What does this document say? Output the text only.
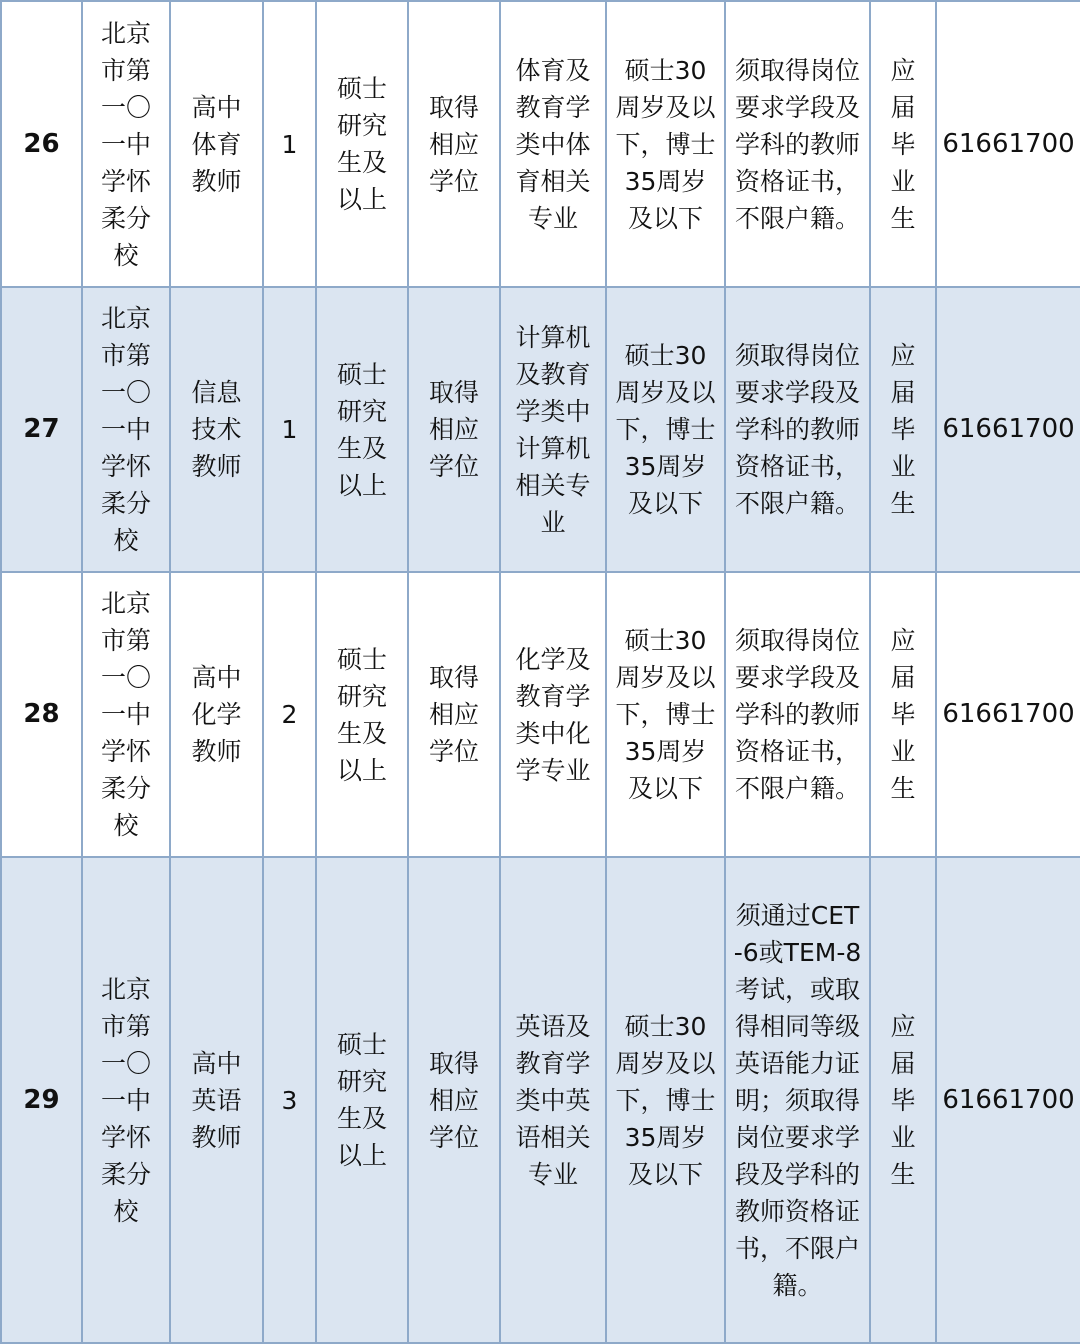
26	北京市第一〇一中学怀柔分校	高中体育教师	1	硕士研究生及以上	取得相应学位	体育及教育学类中体育相关专业	硕士30周岁及以下，博士35周岁及以下	须取得岗位要求学段及学科的教师资格证书，不限户籍。	应届毕业生	61661700
27	北京市第一〇一中学怀柔分校	信息技术教师	1	硕士研究生及以上	取得相应学位	计算机及教育学类中计算机相关专业	硕士30周岁及以下，博士35周岁及以下	须取得岗位要求学段及学科的教师资格证书，不限户籍。	应届毕业生	61661700
28	北京市第一〇一中学怀柔分校	高中化学教师	2	硕士研究生及以上	取得相应学位	化学及教育学类中化学专业	硕士30周岁及以下，博士35周岁及以下	须取得岗位要求学段及学科的教师资格证书，不限户籍。	应届毕业生	61661700
29	北京市第一〇一中学怀柔分校	高中英语教师	3	硕士研究生及以上	取得相应学位	英语及教育学类中英语相关专业	硕士30周岁及以下，博士35周岁及以下	须通过CET-6或TEM-8考试，或取得相同等级英语能力证明；须取得岗位要求学段及学科的教师资格证书，不限户籍。	应届毕业生	61661700
